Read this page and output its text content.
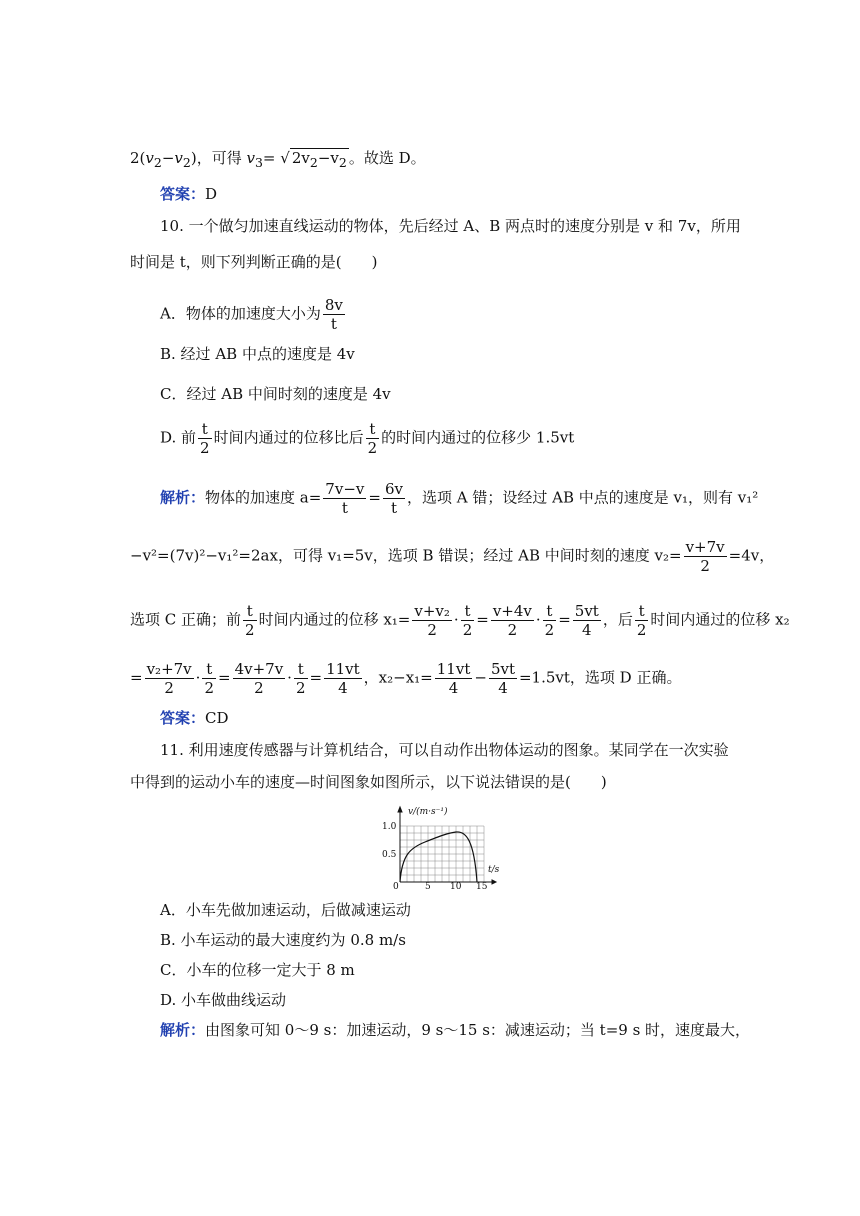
$2(v_2-v_2)$，可得 $v_3=$ √ $2v_2-v_2$ 。故选 D。
答案：D
10. 一个做匀加速直线运动的物体，先后经过 A、B 两点时的速度分别是 v 和 7v，所用
时间是 t，则下列判断正确的是(　　)
A．物体的加速度大小为 $\frac{8v}{t}$
B. 经过 AB 中点的速度是 4v
C．经过 AB 中间时刻的速度是 4v
D. 前 $\frac{t}{2}$ 时间内通过的位移比后 $\frac{t}{2}$ 的时间内通过的位移少 1.5vt
解析：物体的加速度 $a= \frac{7v-v}{t} = \frac{6v}{t}$ ，选项 A 错；设经过 AB 中点的速度是 v₁，则有 v₁²
−v²=(7v)²−v₁²=2ax，可得 v₁=5v，选项 B 错误；经过 AB 中间时刻的速度 $v_2= \frac{v+7v}{2} =4v$，
选项 C 正确；前 $\frac{t}{2}$ 时间内通过的位移 $x_1= \frac{\text{v+v₂}}{2} \cdot \frac{t}{2} = \frac{v+4v}{2} \cdot \frac{t}{2} = \frac{5vt}{4}$ ，后 $\frac{t}{2}$ 时间内通过的位移 x₂
= $\frac{\text{v₂+7v}}{2} \cdot \frac{t}{2} = \frac{4v+7v}{2} \cdot \frac{t}{2} = \frac{11vt}{4}$ ，$x_2-x_1= \frac{11vt}{4} - \frac{5vt}{4} =1.5vt$，选项 D 正确。
答案：CD
11. 利用速度传感器与计算机结合，可以自动作出物体运动的图象。某同学在一次实验
中得到的运动小车的速度—时间图象如图所示，以下说法错误的是(　　)
v/(m·s⁻¹)
1.0
0.5
0	5 10 15
t/s
A．小车先做加速运动，后做减速运动
B. 小车运动的最大速度约为 0.8 m/s
C．小车的位移一定大于 8 m
D. 小车做曲线运动
解析：由图象可知 0～9 s：加速运动，9 s～15 s：减速运动；当 t=9 s 时，速度最大，
